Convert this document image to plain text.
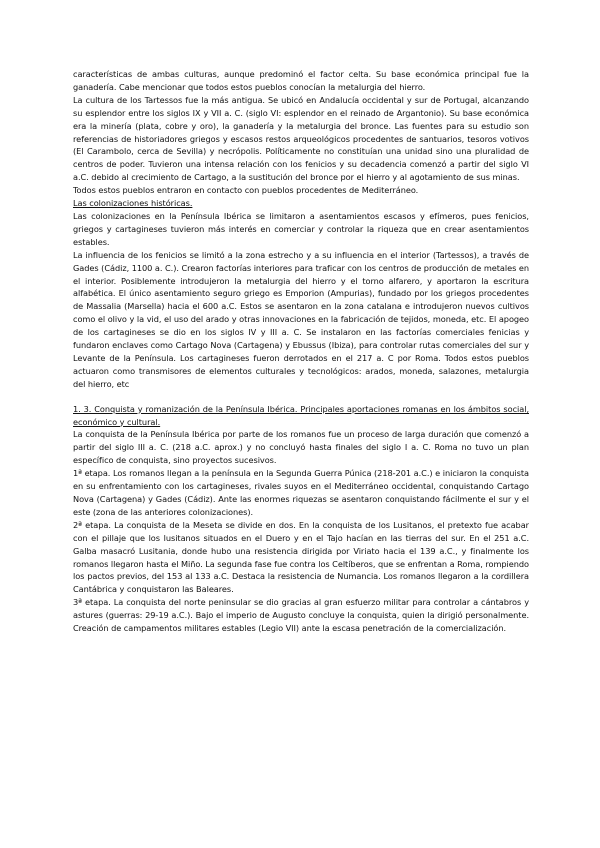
características de ambas culturas, aunque predominó el factor celta. Su base económica principal fue la ganadería. Cabe mencionar que todos estos pueblos conocían la metalurgia del hierro.

La cultura de los Tartessos fue la más antigua. Se ubicó en Andalucía occidental y sur de Portugal, alcanzando su esplendor entre los siglos IX y VII a. C. (siglo VI: esplendor en el reinado de Argantonio). Su base económica era la minería (plata, cobre y oro), la ganadería y la metalurgia del bronce. Las fuentes para su estudio son referencias de historiadores griegos y escasos restos arqueológicos procedentes de santuarios, tesoros votivos (El Carambolo, cerca de Sevilla) y necrópolis. Políticamente no constituían una unidad sino una pluralidad de centros de poder. Tuvieron una intensa relación con los fenicios y su decadencia comenzó a partir del siglo VI a.C. debido al crecimiento de Cartago, a la sustitución del bronce por el hierro y al agotamiento de sus minas.

Todos estos pueblos entraron en contacto con pueblos procedentes de Mediterráneo.

Las colonizaciones históricas.

Las colonizaciones en la Península Ibérica se limitaron a asentamientos escasos y efímeros, pues fenicios, griegos y cartagineses tuvieron más interés en comerciar y controlar la riqueza que en crear asentamientos estables.

La influencia de los fenicios se limitó a la zona estrecho y a su influencia en el interior (Tartessos), a través de Gades (Cádiz, 1100 a. C.). Crearon factorías interiores para traficar con los centros de producción de metales en el interior. Posiblemente introdujeron la metalurgia del hierro y el torno alfarero, y aportaron la escritura alfabética. El único asentamiento seguro griego es Emporion (Ampurias), fundado por los griegos procedentes de Massalia (Marsella) hacia el 600 a.C. Estos se asentaron en la zona catalana e introdujeron nuevos cultivos como el olivo y la vid, el uso del arado y otras innovaciones en la fabricación de tejidos, moneda, etc. El apogeo de los cartagineses se dio en los siglos IV y III a. C. Se instalaron en las factorías comerciales fenicias y fundaron enclaves como Cartago Nova (Cartagena) y Ebussus (Ibiza), para controlar rutas comerciales del sur y Levante de la Península. Los cartagineses fueron derrotados en el 217 a. C por Roma. Todos estos pueblos actuaron como transmisores de elementos culturales y tecnológicos: arados, moneda, salazones, metalurgia del hierro, etc

1. 3. Conquista y romanización de la Península Ibérica. Principales aportaciones romanas en los ámbitos social, económico y cultural.

La conquista de la Península Ibérica por parte de los romanos fue un proceso de larga duración que comenzó a partir del siglo III a. C. (218 a.C. aprox.) y no concluyó hasta finales del siglo I a. C. Roma no tuvo un plan específico de conquista, sino proyectos sucesivos.

1ª etapa. Los romanos llegan a la península en la Segunda Guerra Púnica (218-201 a.C.) e iniciaron la conquista en su enfrentamiento con los cartagineses, rivales suyos en el Mediterráneo occidental, conquistando Cartago Nova (Cartagena) y Gades (Cádiz). Ante las enormes riquezas se asentaron conquistando fácilmente el sur y el este (zona de las anteriores colonizaciones).

2ª etapa. La conquista de la Meseta se divide en dos. En la conquista de los Lusitanos, el pretexto fue acabar con el pillaje que los lusitanos situados en el Duero y en el Tajo hacían en las tierras del sur. En el 251 a.C. Galba masacró Lusitania, donde hubo una resistencia dirigida por Viriato hacia el 139 a.C., y finalmente los romanos llegaron hasta el Miño. La segunda fase fue contra los Celtíberos, que se enfrentan a Roma, rompiendo los pactos previos, del 153 al 133 a.C. Destaca la resistencia de Numancia. Los romanos llegaron a la cordillera Cantábrica y conquistaron las Baleares.

3ª etapa. La conquista del norte peninsular se dio gracias al gran esfuerzo militar para controlar a cántabros y astures (guerras: 29-19 a.C.). Bajo el imperio de Augusto concluye la conquista, quien la dirigió personalmente. Creación de campamentos militares estables (Legio VII) ante la escasa penetración de la comercialización.
